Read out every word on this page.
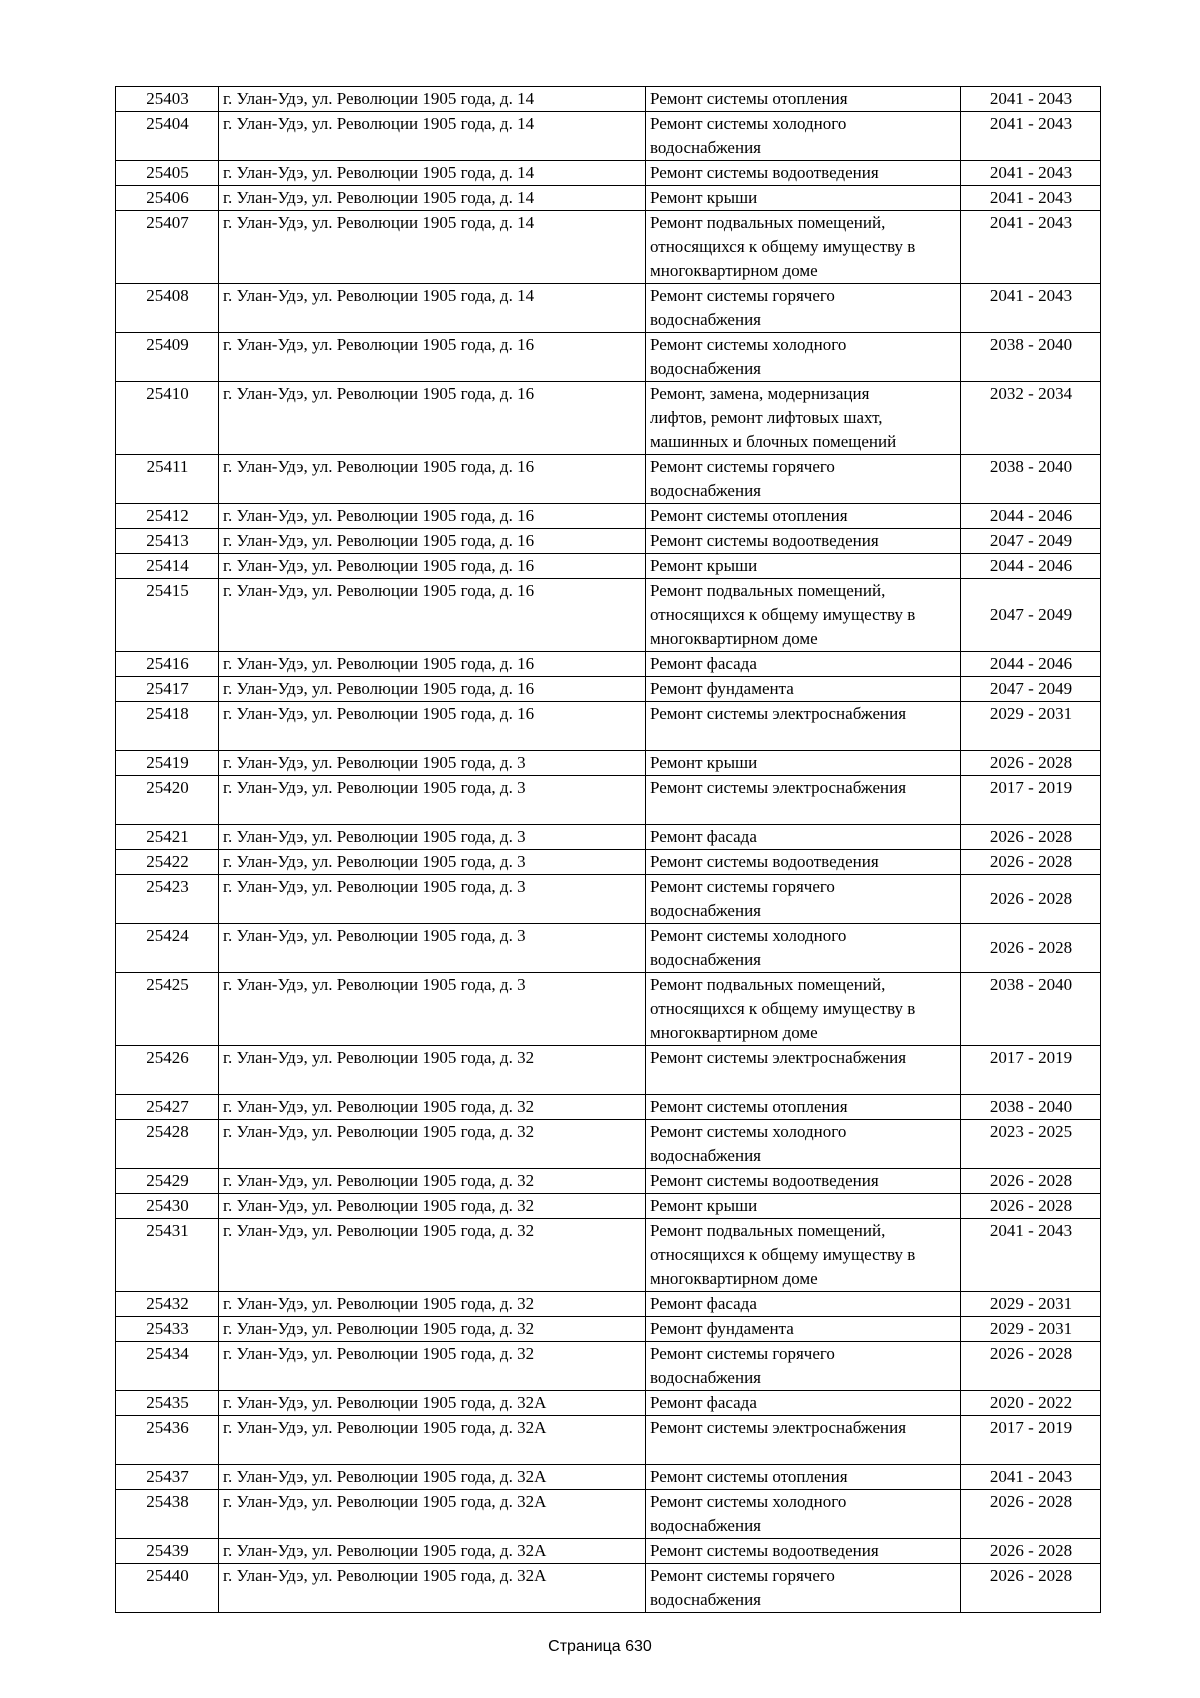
25403	г. Улан-Удэ, ул. Революции 1905 года, д. 14	Ремонт системы отопления	2041 - 2043
25404	г. Улан-Удэ, ул. Революции 1905 года, д. 14	Ремонт системы холодного
водоснабжения	2041 - 2043
25405	г. Улан-Удэ, ул. Революции 1905 года, д. 14	Ремонт системы водоотведения	2041 - 2043
25406	г. Улан-Удэ, ул. Революции 1905 года, д. 14	Ремонт крыши	2041 - 2043
25407	г. Улан-Удэ, ул. Революции 1905 года, д. 14	Ремонт подвальных помещений,
относящихся к общему имуществу в
многоквартирном доме	2041 - 2043
25408	г. Улан-Удэ, ул. Революции 1905 года, д. 14	Ремонт системы горячего
водоснабжения	2041 - 2043
25409	г. Улан-Удэ, ул. Революции 1905 года, д. 16	Ремонт системы холодного
водоснабжения	2038 - 2040
25410	г. Улан-Удэ, ул. Революции 1905 года, д. 16	Ремонт, замена, модернизация
лифтов, ремонт лифтовых шахт,
машинных и блочных помещений	2032 - 2034
25411	г. Улан-Удэ, ул. Революции 1905 года, д. 16	Ремонт системы горячего
водоснабжения	2038 - 2040
25412	г. Улан-Удэ, ул. Революции 1905 года, д. 16	Ремонт системы отопления	2044 - 2046
25413	г. Улан-Удэ, ул. Революции 1905 года, д. 16	Ремонт системы водоотведения	2047 - 2049
25414	г. Улан-Удэ, ул. Революции 1905 года, д. 16	Ремонт крыши	2044 - 2046
25415	г. Улан-Удэ, ул. Революции 1905 года, д. 16	Ремонт подвальных помещений,
относящихся к общему имуществу в
многоквартирном доме	2047 - 2049
25416	г. Улан-Удэ, ул. Революции 1905 года, д. 16	Ремонт фасада	2044 - 2046
25417	г. Улан-Удэ, ул. Революции 1905 года, д. 16	Ремонт фундамента	2047 - 2049
25418	г. Улан-Удэ, ул. Революции 1905 года, д. 16	Ремонт системы электроснабжения	2029 - 2031
25419	г. Улан-Удэ, ул. Революции 1905 года, д. 3	Ремонт крыши	2026 - 2028
25420	г. Улан-Удэ, ул. Революции 1905 года, д. 3	Ремонт системы электроснабжения	2017 - 2019
25421	г. Улан-Удэ, ул. Революции 1905 года, д. 3	Ремонт фасада	2026 - 2028
25422	г. Улан-Удэ, ул. Революции 1905 года, д. 3	Ремонт системы водоотведения	2026 - 2028
25423	г. Улан-Удэ, ул. Революции 1905 года, д. 3	Ремонт системы горячего
водоснабжения	2026 - 2028
25424	г. Улан-Удэ, ул. Революции 1905 года, д. 3	Ремонт системы холодного
водоснабжения	2026 - 2028
25425	г. Улан-Удэ, ул. Революции 1905 года, д. 3	Ремонт подвальных помещений,
относящихся к общему имуществу в
многоквартирном доме	2038 - 2040
25426	г. Улан-Удэ, ул. Революции 1905 года, д. 32	Ремонт системы электроснабжения	2017 - 2019
25427	г. Улан-Удэ, ул. Революции 1905 года, д. 32	Ремонт системы отопления	2038 - 2040
25428	г. Улан-Удэ, ул. Революции 1905 года, д. 32	Ремонт системы холодного
водоснабжения	2023 - 2025
25429	г. Улан-Удэ, ул. Революции 1905 года, д. 32	Ремонт системы водоотведения	2026 - 2028
25430	г. Улан-Удэ, ул. Революции 1905 года, д. 32	Ремонт крыши	2026 - 2028
25431	г. Улан-Удэ, ул. Революции 1905 года, д. 32	Ремонт подвальных помещений,
относящихся к общему имуществу в
многоквартирном доме	2041 - 2043
25432	г. Улан-Удэ, ул. Революции 1905 года, д. 32	Ремонт фасада	2029 - 2031
25433	г. Улан-Удэ, ул. Революции 1905 года, д. 32	Ремонт фундамента	2029 - 2031
25434	г. Улан-Удэ, ул. Революции 1905 года, д. 32	Ремонт системы горячего
водоснабжения	2026 - 2028
25435	г. Улан-Удэ, ул. Революции 1905 года, д. 32А	Ремонт фасада	2020 - 2022
25436	г. Улан-Удэ, ул. Революции 1905 года, д. 32А	Ремонт системы электроснабжения	2017 - 2019
25437	г. Улан-Удэ, ул. Революции 1905 года, д. 32А	Ремонт системы отопления	2041 - 2043
25438	г. Улан-Удэ, ул. Революции 1905 года, д. 32А	Ремонт системы холодного
водоснабжения	2026 - 2028
25439	г. Улан-Удэ, ул. Революции 1905 года, д. 32А	Ремонт системы водоотведения	2026 - 2028
25440	г. Улан-Удэ, ул. Революции 1905 года, д. 32А	Ремонт системы горячего
водоснабжения	2026 - 2028
Страница 630
